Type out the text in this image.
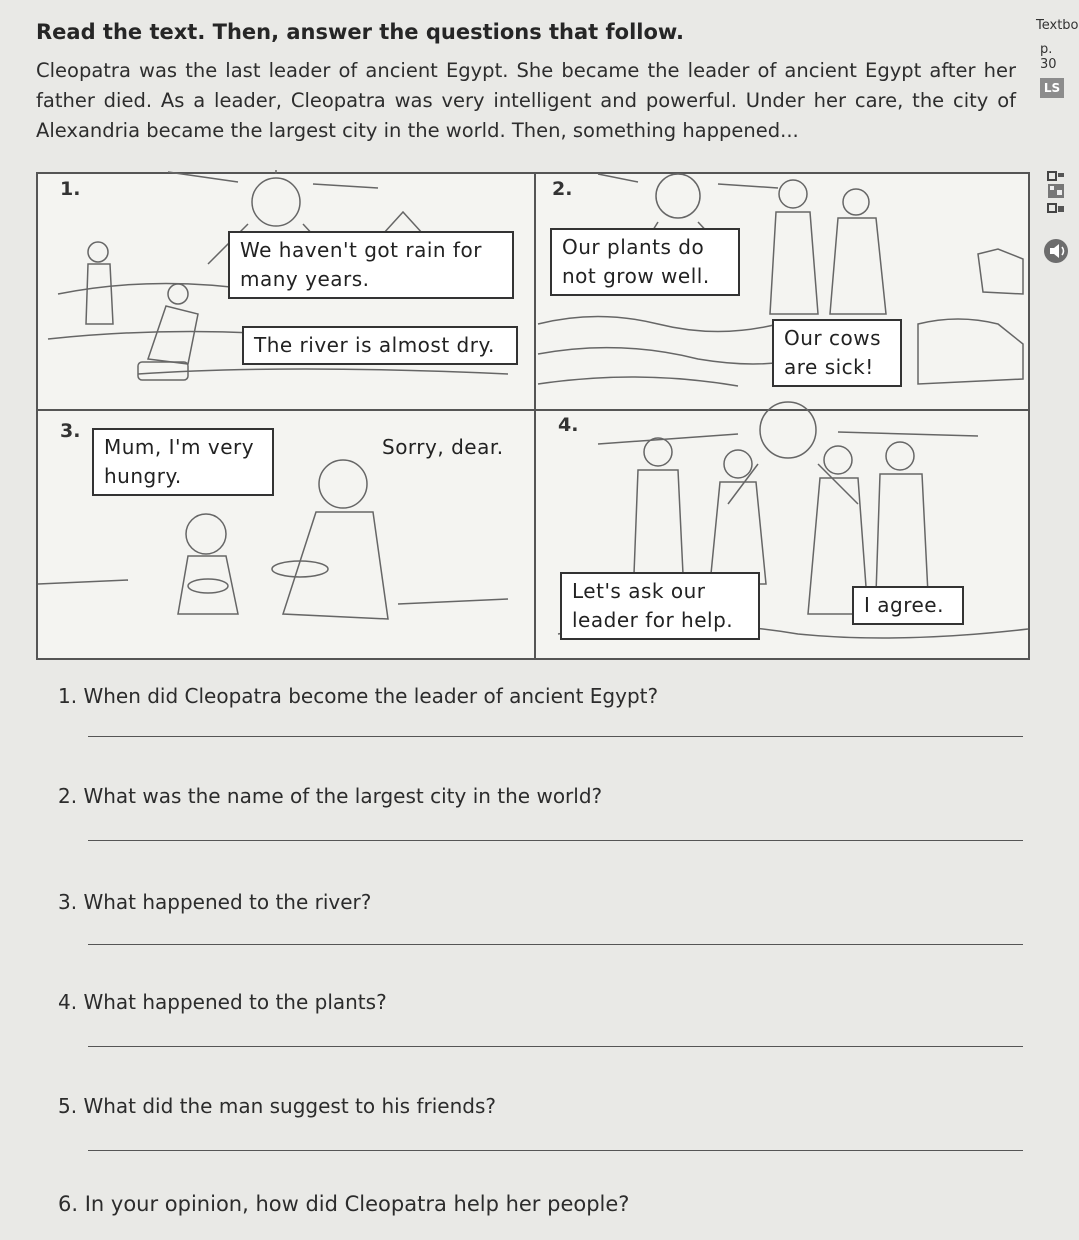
Read the text. Then, answer the questions that follow.	Textbo
p. 30
LS
Cleopatra was the last leader of ancient Egypt. She became the leader of ancient Egypt after her father died. As a leader, Cleopatra was very intelligent and powerful. Under her care, the city of Alexandria became the largest city in the world. Then, something happened...
1.
We haven't got rain for many years.
The river is almost dry.
2.
Our plants do not grow well.
Our cows are sick!
3.
Mum, I'm very hungry.
Sorry, dear.
4.
Let's ask our leader for help.
I agree.
1. When did Cleopatra become the leader of ancient Egypt?
2. What was the name of the largest city in the world?
3. What happened to the river?
4. What happened to the plants?
5. What did the man suggest to his friends?
6. In your opinion, how did Cleopatra help her people?
